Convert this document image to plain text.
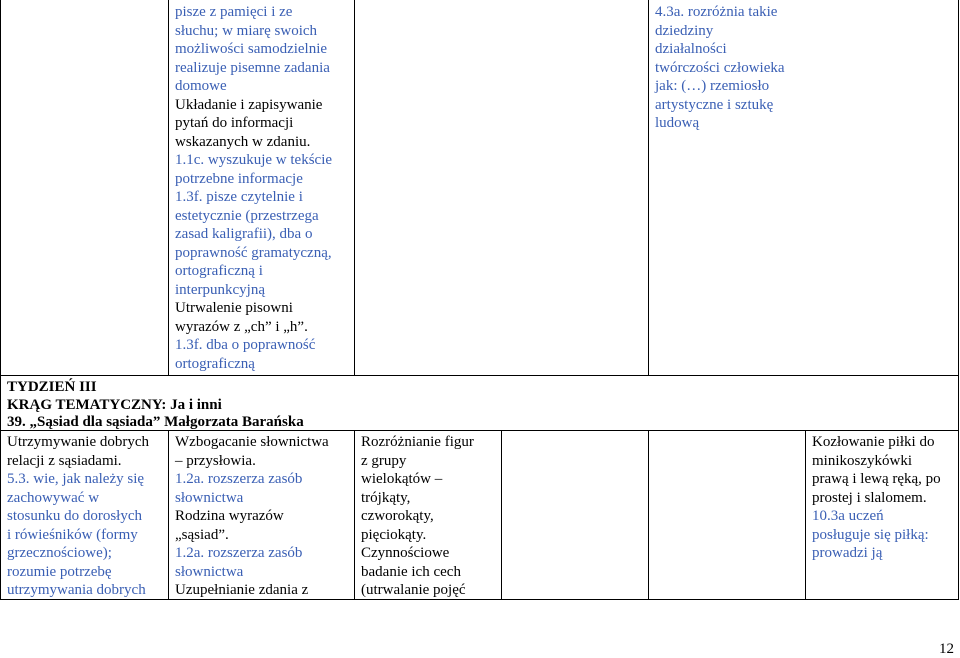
pisze z pamięci i ze
słuchu; w miarę swoich
możliwości samodzielnie
realizuje pisemne zadania
domowe
Układanie i zapisywanie
pytań do informacji
wskazanych w zdaniu.
1.1c. wyszukuje w tekście
potrzebne informacje
1.3f. pisze czytelnie i
estetycznie (przestrzega
zasad kaligrafii), dba o
poprawność gramatyczną,
ortograficzną i
interpunkcyjną
Utrwalenie pisowni
wyrazów z „ch” i „h”.
1.3f. dba o poprawność
ortograficzną
4.3a. rozróżnia takie
dziedziny
działalności
twórczości człowieka
jak: (…) rzemiosło
artystyczne i sztukę
ludową
TYDZIEŃ III
KRĄG TEMATYCZNY: Ja i inni
39. „Sąsiad dla sąsiada” Małgorzata Barańska
Utrzymywanie dobrych
relacji z sąsiadami.
5.3. wie, jak należy się
zachowywać w
stosunku do dorosłych
i rówieśników (formy
grzecznościowe);
rozumie potrzebę
utrzymywania dobrych
Wzbogacanie słownictwa
– przysłowia.
1.2a. rozszerza zasób
słownictwa
Rodzina wyrazów
„sąsiad”.
1.2a. rozszerza zasób
słownictwa
Uzupełnianie zdania z
Rozróżnianie figur
z grupy
wielokątów –
trójkąty,
czworokąty,
pięciokąty.
Czynnościowe
badanie ich cech
(utrwalanie pojęć
Kozłowanie piłki do
minikoszykówki
prawą i lewą ręką, po
prostej i slalomem.
10.3a uczeń
posługuje się piłką:
prowadzi ją
12
